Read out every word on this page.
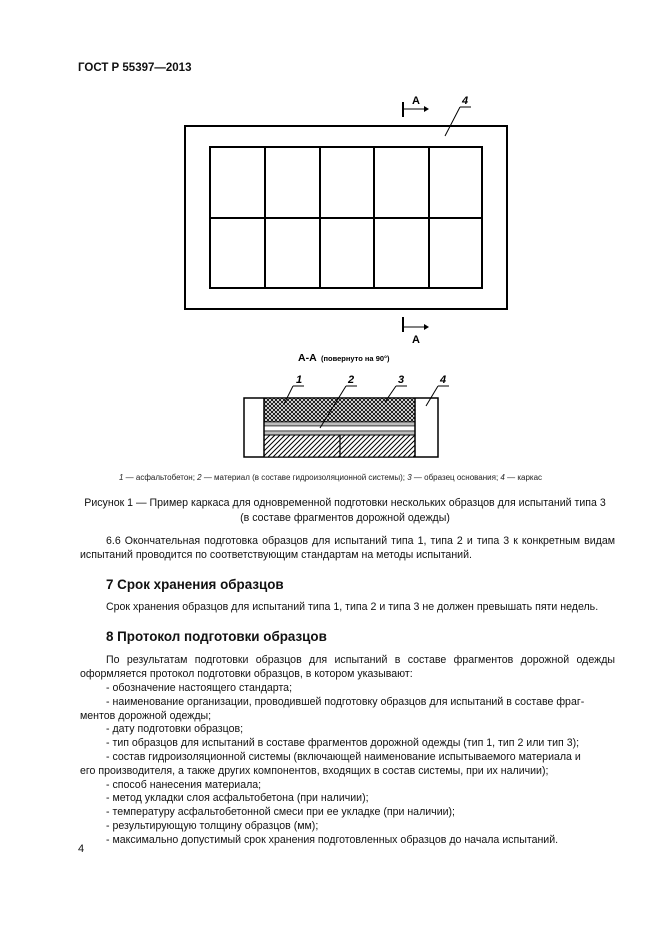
ГОСТ Р 55397—2013
А
А
4
А-А (повернуто на 90°)
1	2	3	4
1 — асфальтобетон; 2 — материал (в составе гидроизоляционной системы); 3 — образец основания; 4 — каркас
Рисунок 1 — Пример каркаса для одновременной подготовки нескольких образцов для испытаний типа 3
(в составе фрагментов дорожной одежды)
6.6 Окончательная подготовка образцов для испытаний типа 1, типа 2 и типа 3 к конкретным видам испытаний проводится по соответствующим стандартам на методы испытаний.
7 Срок хранения образцов
Срок хранения образцов для испытаний типа 1, типа 2 и типа 3 не должен превышать пяти недель.
8 Протокол подготовки образцов
По результатам подготовки образцов для испытаний в составе фрагментов дорожной одежды оформляется протокол подготовки образцов, в котором указывают:
- обозначение настоящего стандарта;
- наименование организации, проводившей подготовку образцов для испытаний в составе фраг-
ментов дорожной одежды;
- дату подготовки образцов;
- тип образцов для испытаний в составе фрагментов дорожной одежды (тип 1, тип 2 или тип 3);
- состав гидроизоляционной системы (включающей наименование испытываемого материала и
его производителя, а также других компонентов, входящих в состав системы, при их наличии);
- способ нанесения материала;
- метод укладки слоя асфальтобетона (при наличии);
- температуру асфальтобетонной смеси при ее укладке (при наличии);
- результирующую толщину образцов (мм);
- максимально допустимый срок хранения подготовленных образцов до начала испытаний.
4
